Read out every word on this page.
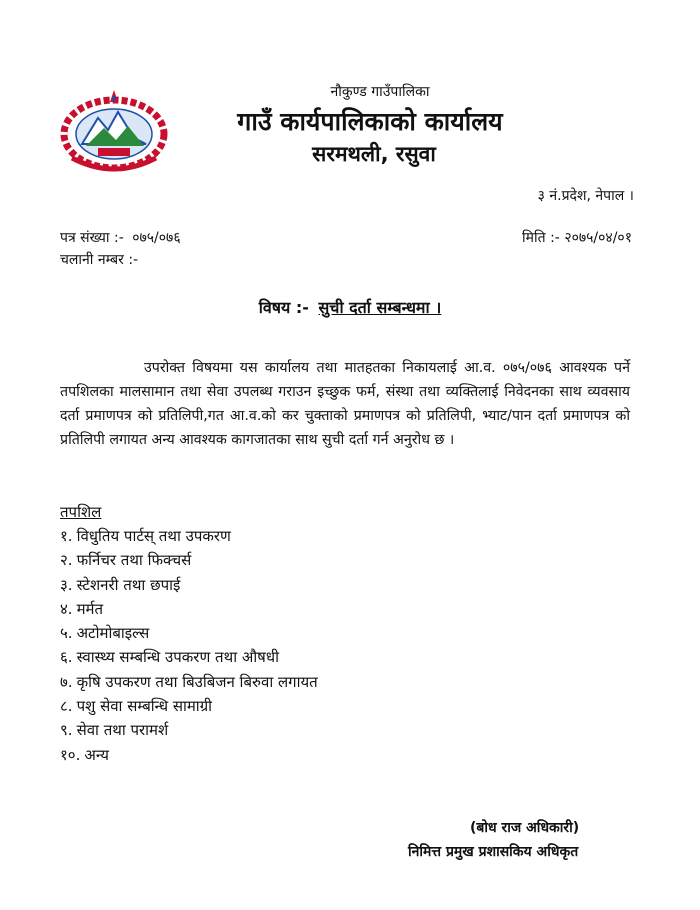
नौकुण्ड गाउँपालिका
गाउँ कार्यपालिकाको कार्यालय
सरमथली, रसुवा
३ नं.प्रदेश, नेपाल ।
पत्र संख्या :- ०७५/०७६	मिति :- २०७५/०४/०१
चलानी नम्बर :-
विषय :- सुची दर्ता सम्बन्धमा ।
उपरोक्त विषयमा यस कार्यालय तथा मातहतका निकायलाई आ.व. ०७५/०७६ आवश्यक पर्ने तपशिलका मालसामान तथा सेवा उपलब्ध गराउन इच्छुक फर्म, संस्था तथा व्यक्तिलाई निवेदनका साथ व्यवसाय दर्ता प्रमाणपत्र को प्रतिलिपी,गत आ.व.को कर चुक्ताको प्रमाणपत्र को प्रतिलिपी, भ्याट/पान दर्ता प्रमाणपत्र को प्रतिलिपी लगायत अन्य आवश्यक कागजातका साथ सुची दर्ता गर्न अनुरोध छ ।
तपशिल
१. विधुतिय पार्टस् तथा उपकरण
२. फर्निचर तथा फिक्चर्स
३. स्टेशनरी तथा छपाई
४. मर्मत
५. अटोमोबाइल्स
६. स्वास्थ्य सम्बन्धि उपकरण तथा औषधी
७. कृषि उपकरण तथा बिउबिजन बिरुवा लगायत
८. पशु सेवा सम्बन्धि सामाग्री
९. सेवा तथा परामर्श
१०. अन्य
(बोध राज अधिकारी)
निमित्त प्रमुख प्रशासकिय अधिकृत
